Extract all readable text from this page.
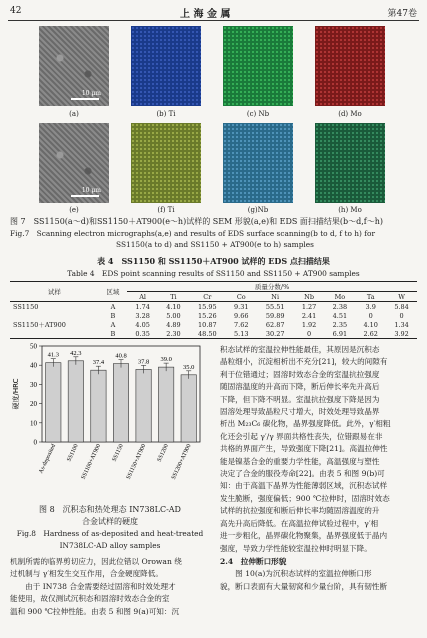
42	上 海 金 属	第47卷
10 μm
(a)	(b) Ti	(c) Nb	(d) Mo
10 μm
(e)	(f) Ti	(g)Nb	(h) Mo
图 7　SS1150(a～d)和SS1150＋AT900(e～h)试样的 SEM 形貌(a,e)和 EDS 面扫描结果(b～d,f～h)
Fig.7　Scanning electron micrographs(a,e) and results of EDS surface scanning(b to d, f to h) for
SS1150(a to d) and SS1150 + AT900(e to h) samples
表 4　SS1150 和 SS1150＋AT900 试样的 EDS 点扫描结果
Table 4　EDS point scanning results of SS1150 and SS1150 + AT900 samples
试样	区域	质量分数/%								
		Al	Ti	Cr	Co	Ni	Nb	Mo	Ta	W
SS1150	A	1.74	4.10	15.95	9.31	55.51	1.27	2.38	3.9	5.84
	B	3.28	5.00	15.26	9.66	59.89	2.41	4.51	0	0
SS1150＋AT900	A	4.05	4.89	10.87	7.62	62.87	1.92	2.35	4.10	1.34
	B	0.35	2.30	48.50	5.13	30.27	0	6.91	2.62	3.92
0
10
20
30
40
50
硬度/HRC
41.3
As-deposited
42.3
SS1100
37.4
SS1100+AT900
40.8
SS1150
37.8
SS1150+AT900
39.0
SS1200
35.0
SS1200+AT900
图 8　沉积态和热处理态 IN738LC-AD
合金试样的硬度
Fig.8　Hardness of as-deposited and heat-treated
IN738LC-AD alloy samples
机制所需的临界剪切应力，因此位错以 Orowan 绕
过机制与 γ′相发生交互作用，合金硬度降低。
　　由于 IN738 合金需要经过固溶和时效处理才
能使用，故仅测试沉积态和固溶时效态合金的室
温和 900 ℃拉伸性能。由表 5 和图 9(a)可知：沉
积态试样的室温拉伸性能最佳，其原因是沉积态
晶粒细小，沉淀相析出不充分[21]，较大的间隙有
利于位错通过；固溶时效态合金的室温抗拉强度
随固溶温度的升高而下降，断后伸长率先升高后
下降，但下降不明显。室温抗拉强度下降是因为
固溶处理导致晶粒尺寸增大，时效处理导致晶界
析出 M₂₃C₆ 碳化物，晶界强度降低。此外，γ′相粗
化还会引起 γ′/γ 界面共格性丧失，位错跟易在非
共格的界面产生，导致强度下降[21]。高温拉伸性
能是镍基合金的重要力学性能，高温强度与塑性
决定了合金的服役寿命[22]。由表 5 和图 9(b)可
知：由于高温下晶界为性能薄弱区域，沉积态试样
发生脆断，强度偏低；900 ℃拉伸时，固溶时效态
试样的抗拉强度和断后伸长率均随固溶温度的升
高先升高后降低。在高温拉伸试验过程中，γ′相
进一步粗化，晶界碳化物聚集，晶界强度低于晶内
强度，导致力学性能较室温拉伸时明显下降。
2.4　拉伸断口形貌
　　图 10(a)为沉积态试样的室温拉伸断口形
貌，断口表面有大量韧窝和少量台阶，具有韧性断
